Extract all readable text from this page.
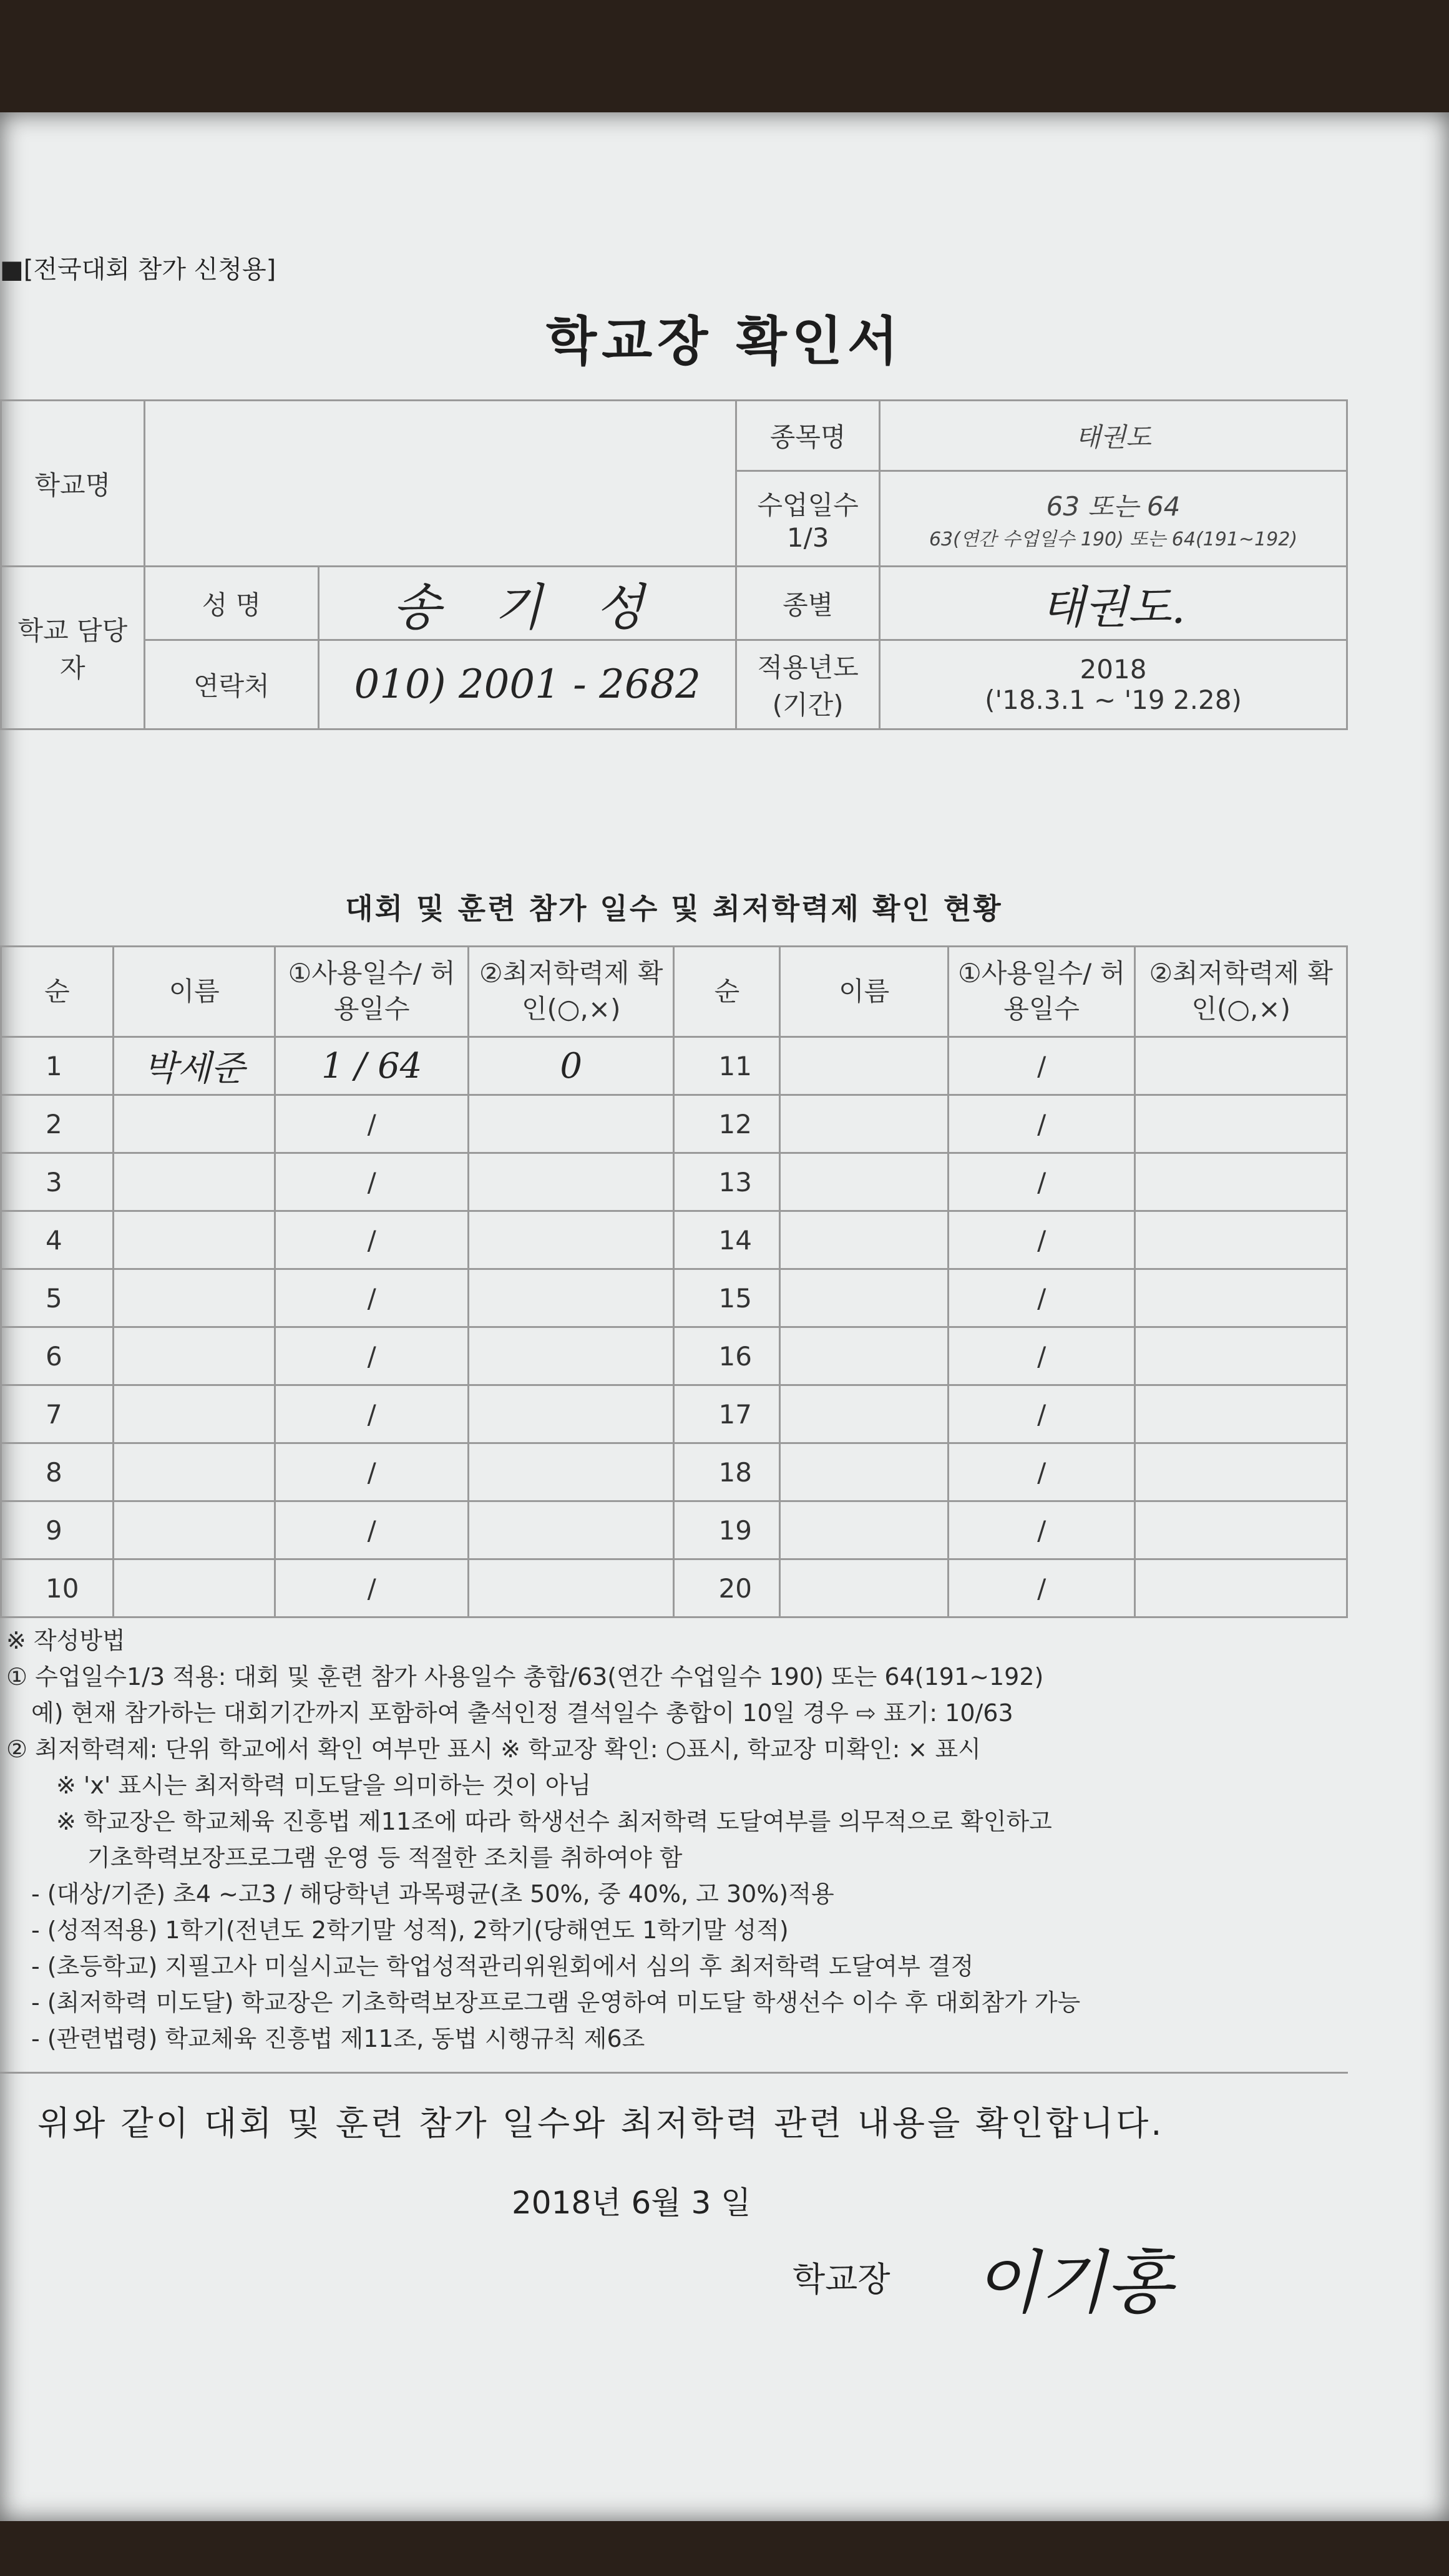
■[전국대회 참가 신청용]
학교장 확인서
학교명			종목명	태권도
			수업일수 1/3	63 또는 64
63(연간 수업일수 190) 또는 64(191~192)

학교 담당자	성 명	송 기 성	종별	태권도.
	연락처	010) 2001 - 2682	적용년도 (기간)	2018
('18.3.1 ~ '19 2.28)
대회 및 훈련 참가 일수 및 최저학력제 확인 현황
순	이름	①사용일수/ 허용일수	②최저학력제 확인(○,×)	순	이름	①사용일수/ 허용일수	②최저학력제 확인(○,×)
1	박세준	1 / 64	0	11		/	
2		/		12		/	
3		/		13		/	
4		/		14		/	
5		/		15		/	
6		/		16		/	
7		/		17		/	
8		/		18		/	
9		/		19		/	
10		/		20		/	
※ 작성방법
① 수업일수1/3 적용: 대회 및 훈련 참가 사용일수 총합/63(연간 수업일수 190) 또는 64(191~192)
예) 현재 참가하는 대회기간까지 포함하여 출석인정 결석일수 총합이 10일 경우 ⇨ 표기: 10/63
② 최저학력제: 단위 학교에서 확인 여부만 표시 ※ 학교장 확인: ○표시, 학교장 미확인: × 표시
※ 'x' 표시는 최저학력 미도달을 의미하는 것이 아님
※ 학교장은 학교체육 진흥법 제11조에 따라 학생선수 최저학력 도달여부를 의무적으로 확인하고
기초학력보장프로그램 운영 등 적절한 조치를 취하여야 함
- (대상/기준) 초4 ~고3 / 해당학년 과목평균(초 50%, 중 40%, 고 30%)적용
- (성적적용) 1학기(전년도 2학기말 성적), 2학기(당해연도 1학기말 성적)
- (초등학교) 지필고사 미실시교는 학업성적관리위원회에서 심의 후 최저학력 도달여부 결정
- (최저학력 미도달) 학교장은 기초학력보장프로그램 운영하여 미도달 학생선수 이수 후 대회참가 가능
- (관련법령) 학교체육 진흥법 제11조, 동법 시행규칙 제6조
위와 같이 대회 및 훈련 참가 일수와 최저학력 관련 내용을 확인합니다.
2018년 6월 3 일
학교장 이기홍
